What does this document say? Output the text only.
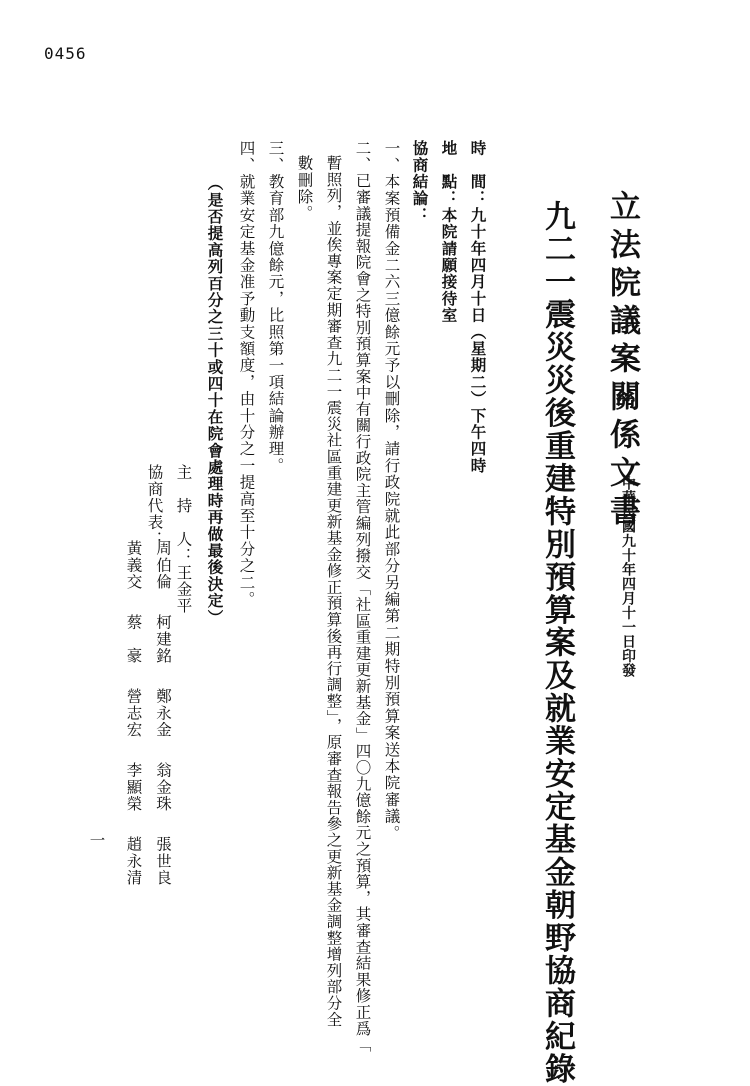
0456
立法院議案關係文書
中華民國九十年四月十一日印發
九二一震災災後重建特別預算案及就業安定基金朝野協商紀錄
時　間：九十年四月十日（星期二）下午四時
地　點：本院請願接待室
協商結論：
一、本案預備金二六三億餘元予以刪除，請行政院就此部分另編第二期特別預算案送本院審議。
二、已審議提報院會之特別預算案中有關行政院主管編列撥交「社區重建更新基金」四〇九億餘元之預算，其審查結果修正爲「
暫照列，並俟專案定期審查九二一震災社區重建更新基金修正預算後再行調整」，原審查報告參之更新基金調整增列部分全
數刪除。
三、教育部九億餘元，比照第一項結論辦理。
四、就業安定基金准予動支額度，由十分之一提高至十分之二。
（是否提高列百分之三十或四十在院會處理時再做最後決定）
主　持　人：王金平
協商代表：
周伯倫
黃義交
柯建銘
蔡　豪
鄭永金
營志宏
翁金珠
李顯榮
張世良
趙永清
一
